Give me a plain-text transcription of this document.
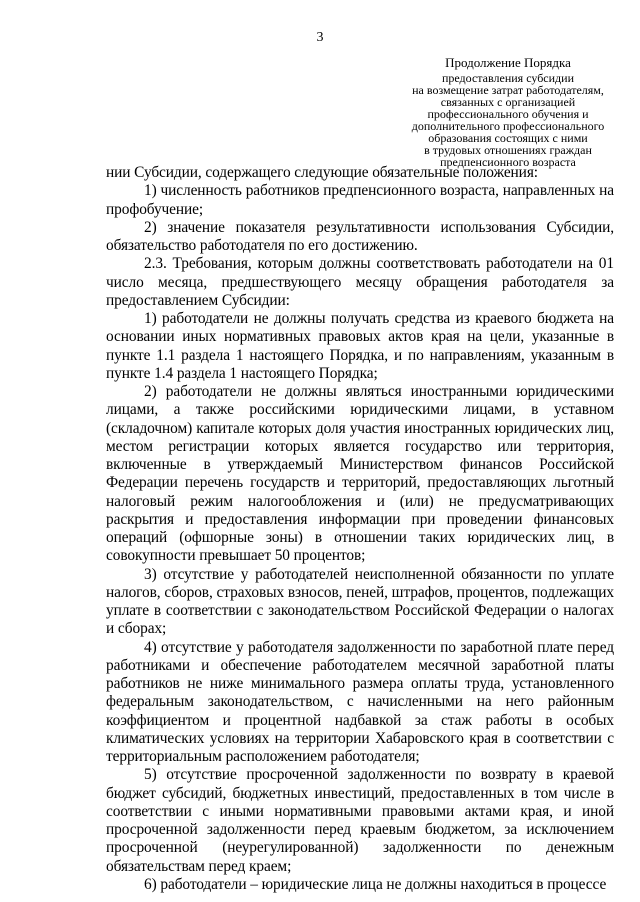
3
Продолжение Порядка
предоставления субсидии
на возмещение затрат работодателям,
связанных с организацией
профессионального обучения и
дополнительного профессионального
образования состоящих с ними
в трудовых отношениях граждан
предпенсионного возраста

нии Субсидии, содержащего следующие обязательные положения:

1) численность работников предпенсионного возраста, направленных на профобучение;

2) значение показателя результативности использования Субсидии, обязательство работодателя по его достижению.

2.3. Требования, которым должны соответствовать работодатели на 01 число месяца, предшествующего месяцу обращения работодателя за предоставлением Субсидии:

1) работодатели не должны получать средства из краевого бюджета на основании иных нормативных правовых актов края на цели, указанные в пункте 1.1 раздела 1 настоящего Порядка, и по направлениям, указанным в пункте 1.4 раздела 1 настоящего Порядка;

2) работодатели не должны являться иностранными юридическими лицами, а также российскими юридическими лицами, в уставном (складочном) капитале которых доля участия иностранных юридических лиц, местом регистрации которых является государство или территория, включенные в утверждаемый Министерством финансов Российской Федерации перечень государств и территорий, предоставляющих льготный налоговый режим налогообложения и (или) не предусматривающих раскрытия и предоставления информации при проведении финансовых операций (офшорные зоны) в отношении таких юридических лиц, в совокупности превышает 50 процентов;

3) отсутствие у работодателей неисполненной обязанности по уплате налогов, сборов, страховых взносов, пеней, штрафов, процентов, подлежащих уплате в соответствии с законодательством Российской Федерации о налогах и сборах;

4) отсутствие у работодателя задолженности по заработной плате перед работниками и обеспечение работодателем месячной заработной платы работников не ниже минимального размера оплаты труда, установленного федеральным законодательством, с начисленными на него районным коэффициентом и процентной надбавкой за стаж работы в особых климатических условиях на территории Хабаровского края в соответствии с территориальным расположением работодателя;

5) отсутствие просроченной задолженности по возврату в краевой бюджет субсидий, бюджетных инвестиций, предоставленных в том числе в соответствии с иными нормативными правовыми актами края, и иной просроченной задолженности перед краевым бюджетом, за исключением просроченной (неурегулированной) задолженности по денежным обязательствам перед краем;

6) работодатели – юридические лица не должны находиться в процессе
